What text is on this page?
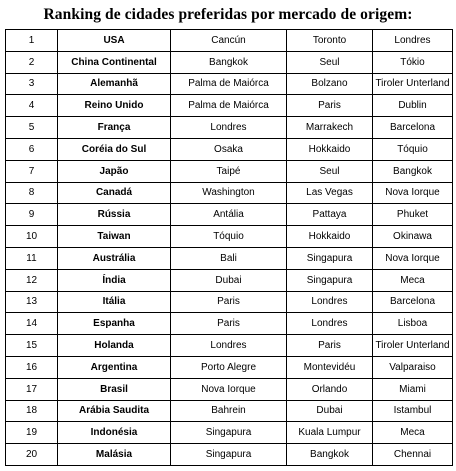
Ranking de cidades preferidas por mercado de origem:
1	USA	Cancún	Toronto	Londres
2	China Continental	Bangkok	Seul	Tókio
3	Alemanhã	Palma de Maiórca	Bolzano	Tiroler Unterland
4	Reino Unido	Palma de Maiórca	Paris	Dublin
5	França	Londres	Marrakech	Barcelona
6	Coréia do Sul	Osaka	Hokkaido	Tóquio
7	Japão	Taipé	Seul	Bangkok
8	Canadá	Washington	Las Vegas	Nova Iorque
9	Rússia	Antália	Pattaya	Phuket
10	Taiwan	Tóquio	Hokkaido	Okinawa
11	Austrália	Bali	Singapura	Nova Iorque
12	Índia	Dubai	Singapura	Meca
13	Itália	Paris	Londres	Barcelona
14	Espanha	Paris	Londres	Lisboa
15	Holanda	Londres	Paris	Tiroler Unterland
16	Argentina	Porto Alegre	Montevidéu	Valparaiso
17	Brasil	Nova Iorque	Orlando	Miami
18	Arábia Saudita	Bahrein	Dubai	Istambul
19	Indonésia	Singapura	Kuala Lumpur	Meca
20	Malásia	Singapura	Bangkok	Chennai
